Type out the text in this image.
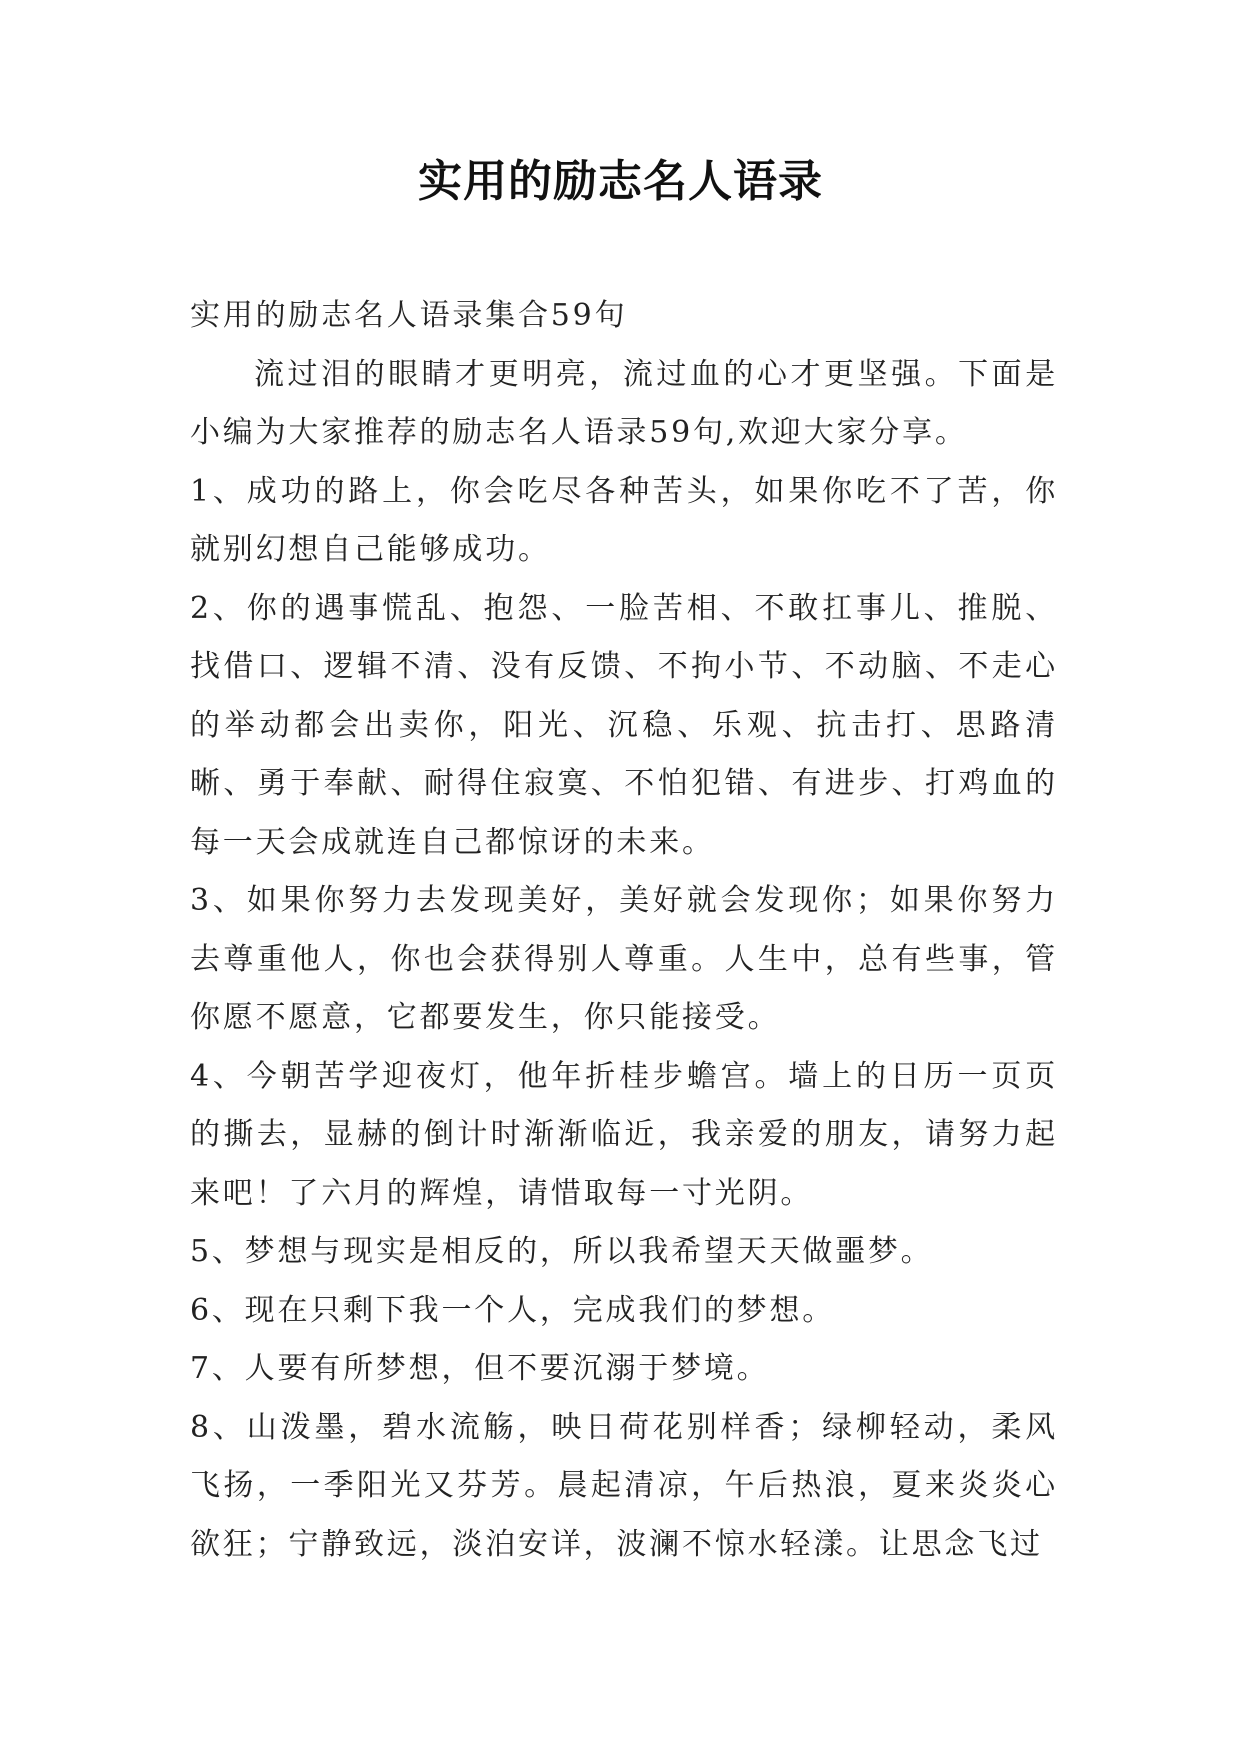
实用的励志名人语录

实用的励志名人语录集合59句

流过泪的眼睛才更明亮，流过血的心才更坚强。下面是小编为大家推荐的励志名人语录59句,欢迎大家分享。

1、成功的路上，你会吃尽各种苦头，如果你吃不了苦，你就别幻想自己能够成功。

2、你的遇事慌乱、抱怨、一脸苦相、不敢扛事儿、推脱、找借口、逻辑不清、没有反馈、不拘小节、不动脑、不走心的举动都会出卖你，阳光、沉稳、乐观、抗击打、思路清晰、勇于奉献、耐得住寂寞、不怕犯错、有进步、打鸡血的每一天会成就连自己都惊讶的未来。

3、如果你努力去发现美好，美好就会发现你；如果你努力去尊重他人，你也会获得别人尊重。人生中，总有些事，管你愿不愿意，它都要发生，你只能接受。

4、今朝苦学迎夜灯，他年折桂步蟾宫。墙上的日历一页页的撕去，显赫的倒计时渐渐临近，我亲爱的朋友，请努力起来吧！了六月的辉煌，请惜取每一寸光阴。

5、梦想与现实是相反的，所以我希望天天做噩梦。

6、现在只剩下我一个人，完成我们的梦想。

7、人要有所梦想，但不要沉溺于梦境。

8、山泼墨，碧水流觞，映日荷花别样香；绿柳轻动，柔风飞扬，一季阳光又芬芳。晨起清凉，午后热浪，夏来炎炎心欲狂；宁静致远，淡泊安详，波澜不惊水轻漾。让思念飞过
